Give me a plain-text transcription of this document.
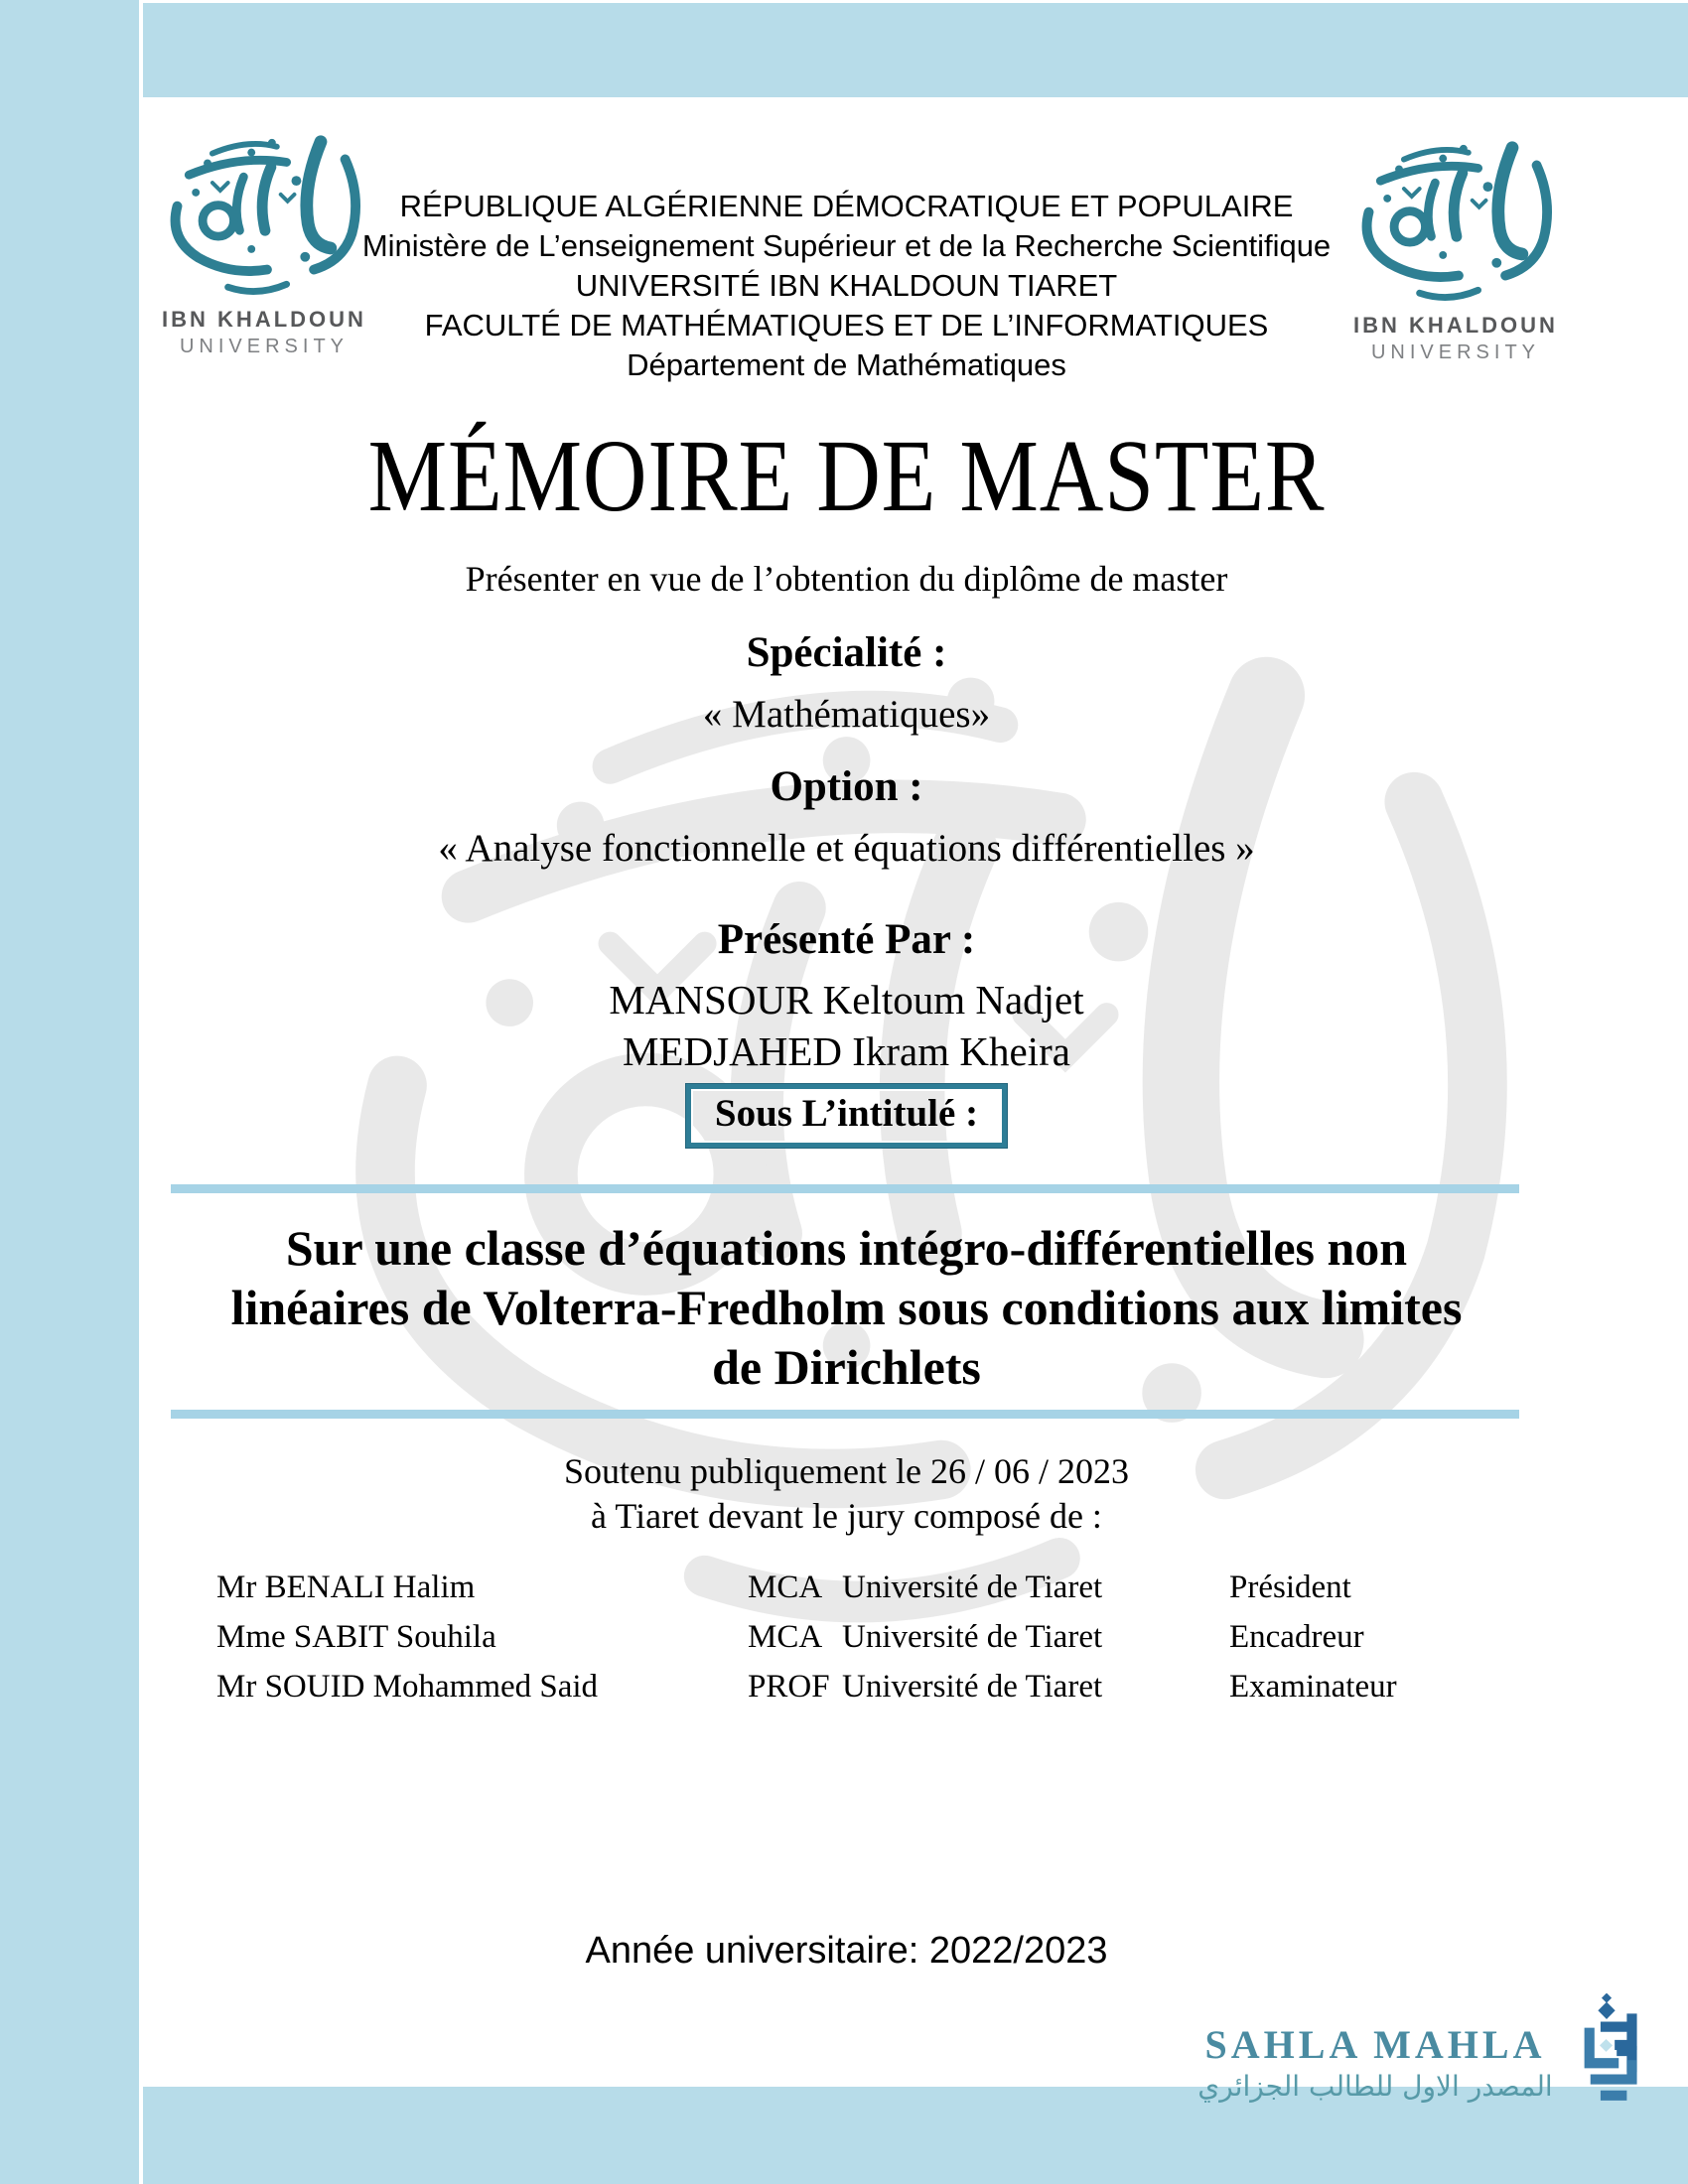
IBN KHALDOUN
UNIVERSITY
IBN KHALDOUN
UNIVERSITY
RÉPUBLIQUE ALGÉRIENNE DÉMOCRATIQUE ET POPULAIRE
Ministère de L’enseignement Supérieur et de la Recherche Scientifique
UNIVERSITÉ IBN KHALDOUN TIARET
FACULTÉ DE MATHÉMATIQUES ET DE L’INFORMATIQUES
Département de Mathématiques
MÉMOIRE DE MASTER
Présenter en vue de l’obtention du diplôme de master
Spécialité :
« Mathématiques»
Option :
« Analyse fonctionnelle et équations différentielles »
Présenté Par :
MANSOUR Keltoum Nadjet
MEDJAHED Ikram Kheira
Sous L’intitulé :
Sur une classe d’équations intégro-différentielles non
linéaires de Volterra-Fredholm sous conditions aux limites
de Dirichlets
Soutenu publiquement le 26 / 06 / 2023
à Tiaret devant le jury composé de :
Mr BENALI Halim	MCA Université de Tiaret	Président
Mme SABIT Souhila	MCA Université de Tiaret	Encadreur
Mr SOUID Mohammed Said	PROF Université de Tiaret	Examinateur
Année universitaire: 2022/2023
SAHLA MAHLA
المصدر الاول للطالب الجزائري
